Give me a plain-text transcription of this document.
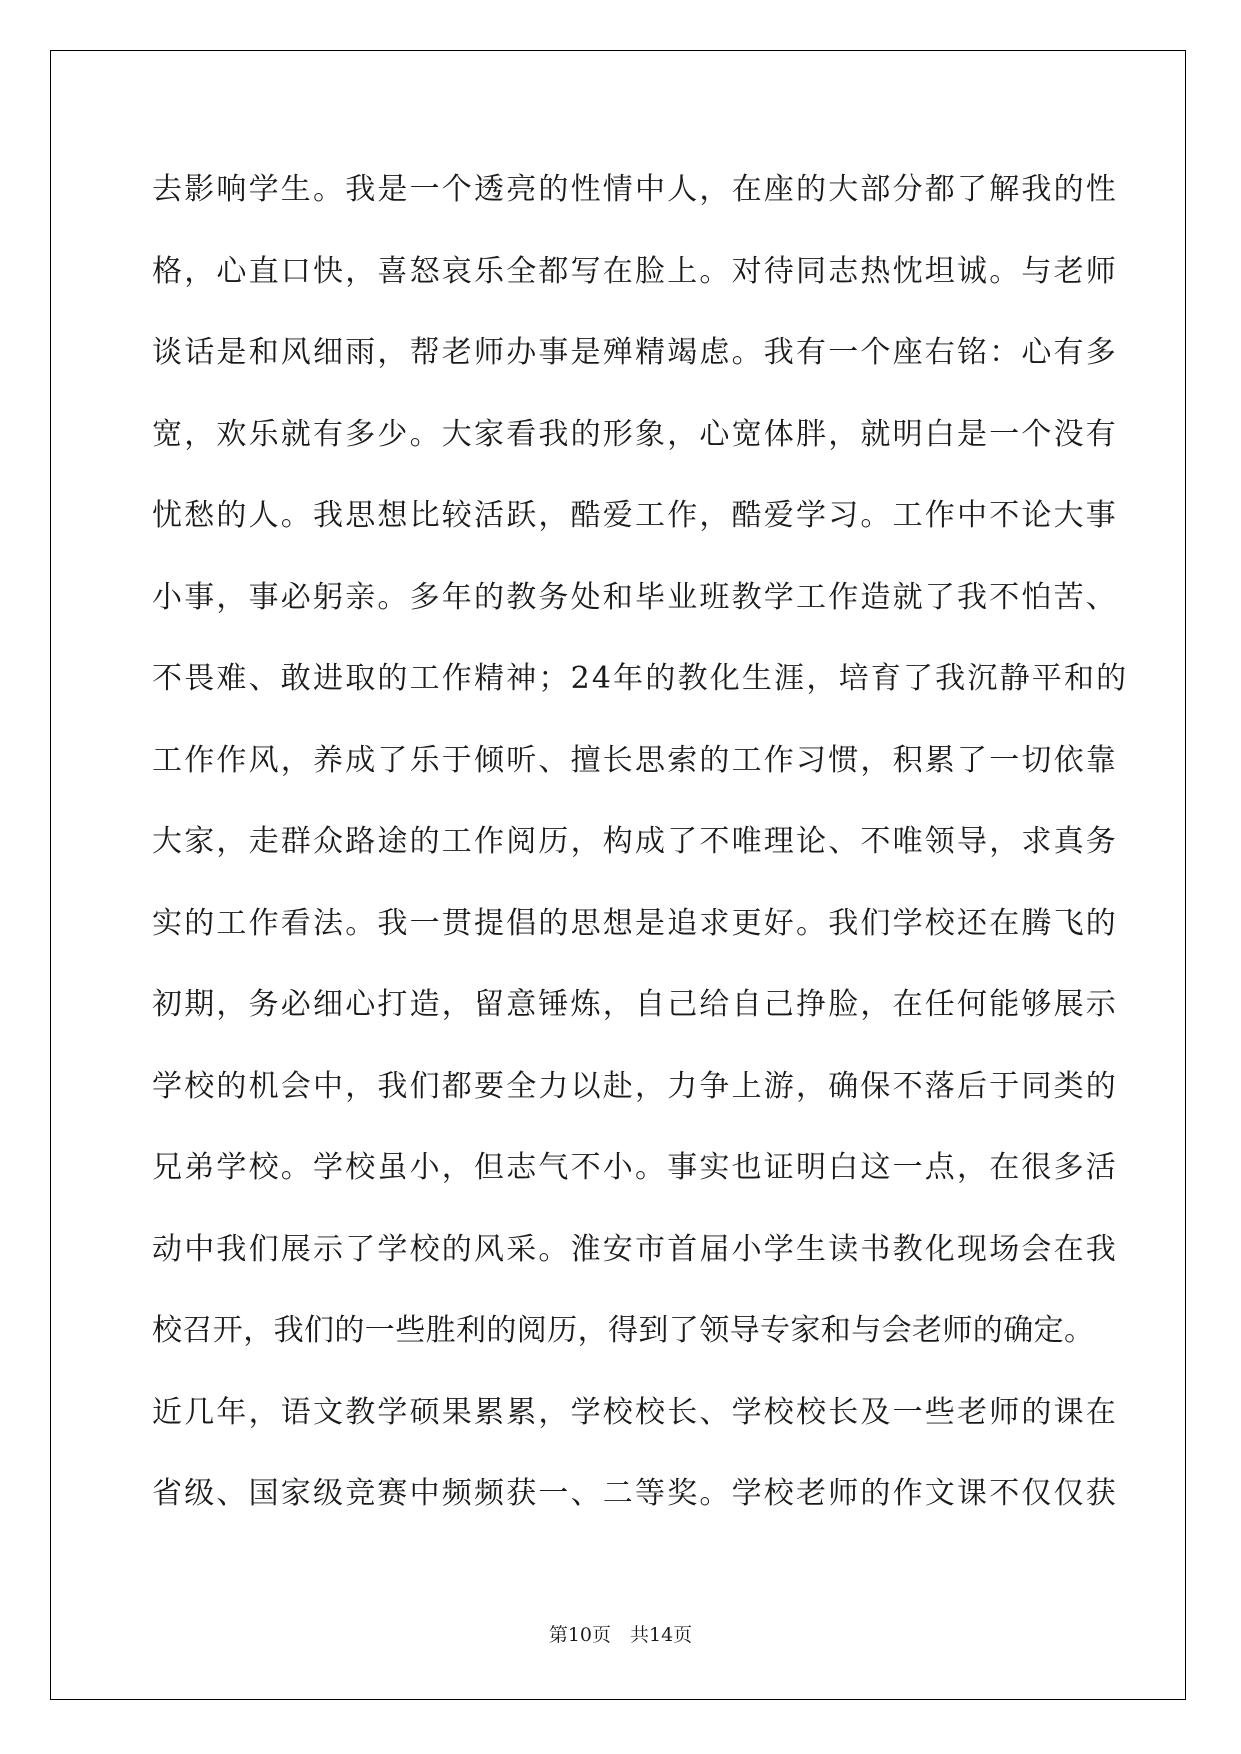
去影响学生。我是一个透亮的性情中人，在座的大部分都了解我的性
格，心直口快，喜怒哀乐全都写在脸上。对待同志热忱坦诚。与老师
谈话是和风细雨，帮老师办事是殚精竭虑。我有一个座右铭：心有多
宽，欢乐就有多少。大家看我的形象，心宽体胖，就明白是一个没有
忧愁的人。我思想比较活跃，酷爱工作，酷爱学习。工作中不论大事
小事，事必躬亲。多年的教务处和毕业班教学工作造就了我不怕苦、
不畏难、敢进取的工作精神；24年的教化生涯，培育了我沉静平和的
工作作风，养成了乐于倾听、擅长思索的工作习惯，积累了一切依靠
大家，走群众路途的工作阅历，构成了不唯理论、不唯领导，求真务
实的工作看法。我一贯提倡的思想是追求更好。我们学校还在腾飞的
初期，务必细心打造，留意锤炼，自己给自己挣脸，在任何能够展示
学校的机会中，我们都要全力以赴，力争上游，确保不落后于同类的
兄弟学校。学校虽小，但志气不小。事实也证明白这一点，在很多活
动中我们展示了学校的风采。淮安市首届小学生读书教化现场会在我
校召开，我们的一些胜利的阅历，得到了领导专家和与会老师的确定。
近几年，语文教学硕果累累，学校校长、学校校长及一些老师的课在
省级、国家级竞赛中频频获一、二等奖。学校老师的作文课不仅仅获
第10页　共14页
